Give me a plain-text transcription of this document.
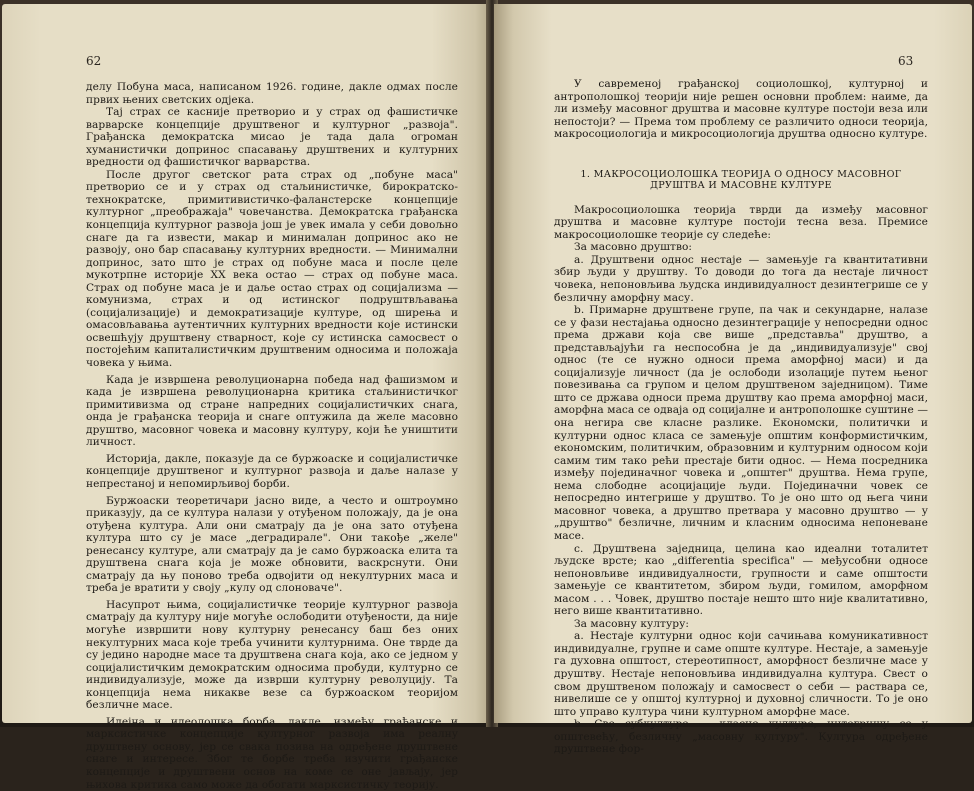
62

делу Побуна маса, написаном 1926. године, дакле одмах после првих њених светских одјека.

Тај страх се касније претворио и у страх од фашистичке варварске концепције друштвеног и културног „развоја". Грађанска демократска мисао је тада дала огроман хуманистички допринос спасавању друштвених и културних вредности од фашистичког варварства.

После другог светског рата страх од „побуне маса" претворио се и у страх од стаљинистичке, бирократско-технократске, примитивистичко-фаланстерске концепције културног „преображаја" човечанства. Демократска грађанска концепција културног развоја још је увек имала у себи довољно снаге да га извести, макар и минималан допринос ако не развоју, оно бар спасавању културних вредности. — Минимални допринос, зато што је страх од побуне маса и после целе мукотрпне историје XX века остао — страх од побуне маса. Страх од побуне маса је и даље остао страх од социјализма — комунизма, страх и од истинског подруштвљавања (социјализације) и демократизације културе, од ширења и омасовљавања аутентичних културних вредности које истински освешћују друштвену стварност, које су истинска самосвест о постојећим капиталистичким друштвеним односима и положаја човека у њима.

Када је извршена револуционарна победа над фашизмом и када је извршена револуционарна критика стаљинистичког примитивизма од стране напредних социјалистичких снага, онда је грађанска теорија и снаге оптужила да желе масовно друштво, масовног човека и масовну културу, који ће уништити личност.

Историја, дакле, показује да се буржоаске и социјалистичке концепције друштвеног и културног развоја и даље налазе у непрестаној и непомирљивој борби.

Буржоаски теоретичари јасно виде, а често и оштроумно приказују, да се култура налази у отуђеном положају, да је она отуђена култура. Али они сматрају да је она зато отуђена култура што су је масе „деградирале". Они такође „желе" ренесансу културе, али сматрају да је само буржоаска елита та друштвена снага која је може обновити, васкрснути. Они сматрају да њу поново треба одвојити од некултурних маса и треба је вратити у своју „кулу од слоноваче".

Насупрот њима, социјалистичке теорије културног развоја сматрају да културу није могуће ослободити отуђености, да није могуће извршити нову културну ренесансу баш без оних некултурних маса које треба учинити културнима. Оне тврде да су једино народне масе та друштвена снага која, ако се једном у социјалистичким демократским односима пробуди, културно се индивидуализује, може да изврши културну револуцију. Та концепција нема никакве везе са буржоаском теоријом безличне масе.

Идејна и идеолошка борба, дакле, између грађанске и марксистичке концепције културног развоја има реалну друштвену основу, јер се свака позива на одређене друштвене снаге и интересе. Због те борбе треба изучити грађанске концепције и друштвени основ на коме се оне јављају, јер њихова критика само може да обогати марксистичку теорију.

63

У савременој грађанској социолошкој, културној и антрополошкој теорији није решен основни проблем: наиме, да ли између масовног друштва и масовне културе постоји веза или непостоји? — Према том проблему се различито односи теорија, макросоциологија и микросоциологија друштва односно културе.

1. МАКРОСОЦИОЛОШКА ТЕОРИЈА О ОДНОСУ МАСОВНОГ ДРУШТВА И МАСОВНЕ КУЛТУРЕ

Макросоциолошка теорија тврди да између масовног друштва и масовне културе постоји тесна веза. Премисе макросоциолошке теорије су следеће:

За масовно друштво:

а. Друштвени однос нестаје — замењује га квантитативни збир људи у друштву. То доводи до тога да нестаје личност човека, непоновљива људска индивидуалност дезинтегрише се у безличну аморфну масу.

b. Примарне друштвене групе, па чак и секундарне, налазе се у фази нестајања односно дезинтеграције у непосредни однос према држави која све више „представља" друштво, а представљајући га неспособна је да „индивидуализује" свој однос (те се нужно односи према аморфној маси) и да социјализује личност (да је ослободи изолације путем њеног повезивања са групом и целом друштвеном заједницом). Тиме што се држава односи према друштву као према аморфној маси, аморфна маса се одваја од социјалне и антрополошке суштине — она негира све класне разлике. Економски, политички и културни однос класа се замењује општим конформистичким, економским, политичким, образовним и културним односом који самим тим тако рећи престаје бити однос. — Нема посредника између појединачног човека и „општег" друштва. Нема групе, нема слободне асоцијације људи. Појединачни човек се непосредно интегрише у друштво. То је оно што од њега чини масовног човека, а друштво претвара у масовно друштво — у „друштво" безличне, личним и класним односима непоневане масе.

c. Друштвена заједница, целина као идеални тоталитет људске врсте; као „differentia specifica" — међусобни односе непоновљиве индивидуалности, групности и саме општости замењује се квантитетом, збиром људи, гомилом, аморфном масом . . . Човек, друштво постаје нешто што није квалитативно, него више квантитативно.

За масовну културу:

а. Нестаје културни однос који сачињава комуникативност индивидуалне, групне и саме опште културе. Нестаје, а замењује га духовна општост, стереотипност, аморфност безличне масе у друштву. Нестаје непоновљива индивидуална култура. Свест о свом друштвеном положају и самосвест о себи — раствара се, нивелише се у општој културној и духовној сличности. То је оно што управо култура чини културном аморфне масе.

b. Све субкултуре — класне културе, интегришу се у општевећу, безличну „масовну културу". Култура одређене друштвене фор-
